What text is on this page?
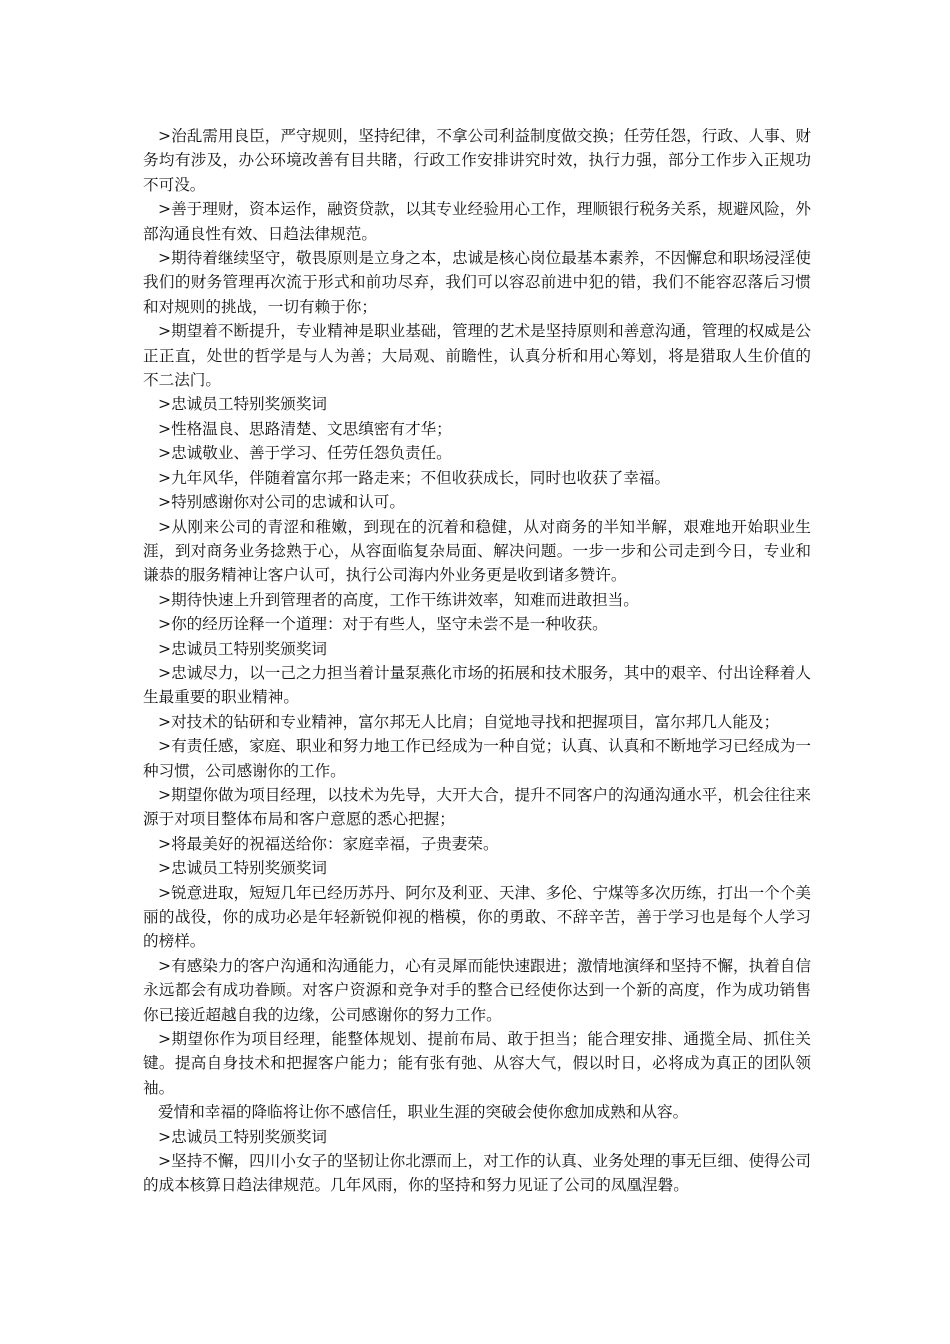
>治乱需用良臣，严守规则，坚持纪律，不拿公司利益制度做交换；任劳任怨，行政、人事、财务均有涉及，办公环境改善有目共睹，行政工作安排讲究时效，执行力强，部分工作步入正规功不可没。

>善于理财，资本运作，融资贷款，以其专业经验用心工作，理顺银行税务关系，规避风险，外部沟通良性有效、日趋法律规范。

>期待着继续坚守，敬畏原则是立身之本，忠诚是核心岗位最基本素养，不因懈怠和职场浸淫使我们的财务管理再次流于形式和前功尽弃，我们可以容忍前进中犯的错，我们不能容忍落后习惯和对规则的挑战，一切有赖于你；

>期望着不断提升，专业精神是职业基础，管理的艺术是坚持原则和善意沟通，管理的权威是公正正直，处世的哲学是与人为善；大局观、前瞻性，认真分析和用心筹划，将是猎取人生价值的不二法门。

>忠诚员工特别奖颁奖词

>性格温良、思路清楚、文思缜密有才华；

>忠诚敬业、善于学习、任劳任怨负责任。

>九年风华，伴随着富尔邦一路走来；不但收获成长，同时也收获了幸福。

>特别感谢你对公司的忠诚和认可。

>从刚来公司的青涩和稚嫩，到现在的沉着和稳健，从对商务的半知半解，艰难地开始职业生涯，到对商务业务捻熟于心，从容面临复杂局面、解决问题。一步一步和公司走到今日，专业和谦恭的服务精神让客户认可，执行公司海内外业务更是收到诸多赞许。

>期待快速上升到管理者的高度，工作干练讲效率，知难而进敢担当。

>你的经历诠释一个道理：对于有些人，坚守未尝不是一种收获。

>忠诚员工特别奖颁奖词

>忠诚尽力，以一己之力担当着计量泵燕化市场的拓展和技术服务，其中的艰辛、付出诠释着人生最重要的职业精神。

>对技术的钻研和专业精神，富尔邦无人比肩；自觉地寻找和把握项目，富尔邦几人能及；

>有责任感，家庭、职业和努力地工作已经成为一种自觉；认真、认真和不断地学习已经成为一种习惯，公司感谢你的工作。

>期望你做为项目经理，以技术为先导，大开大合，提升不同客户的沟通沟通水平，机会往往来源于对项目整体布局和客户意愿的悉心把握；

>将最美好的祝福送给你：家庭幸福，子贵妻荣。

>忠诚员工特别奖颁奖词

>锐意进取，短短几年已经历苏丹、阿尔及利亚、天津、多伦、宁煤等多次历练，打出一个个美丽的战役，你的成功必是年轻新锐仰视的楷模，你的勇敢、不辞辛苦，善于学习也是每个人学习的榜样。

>有感染力的客户沟通和沟通能力，心有灵犀而能快速跟进；激情地演绎和坚持不懈，执着自信永远都会有成功眷顾。对客户资源和竞争对手的整合已经使你达到一个新的高度，作为成功销售你已接近超越自我的边缘，公司感谢你的努力工作。

>期望你作为项目经理，能整体规划、提前布局、敢于担当；能合理安排、通揽全局、抓住关键。提高自身技术和把握客户能力；能有张有弛、从容大气，假以时日，必将成为真正的团队领袖。

爱情和幸福的降临将让你不感信任，职业生涯的突破会使你愈加成熟和从容。

>忠诚员工特别奖颁奖词

>坚持不懈，四川小女子的坚韧让你北漂而上，对工作的认真、业务处理的事无巨细、使得公司的成本核算日趋法律规范。几年风雨，你的坚持和努力见证了公司的凤凰涅磐。
